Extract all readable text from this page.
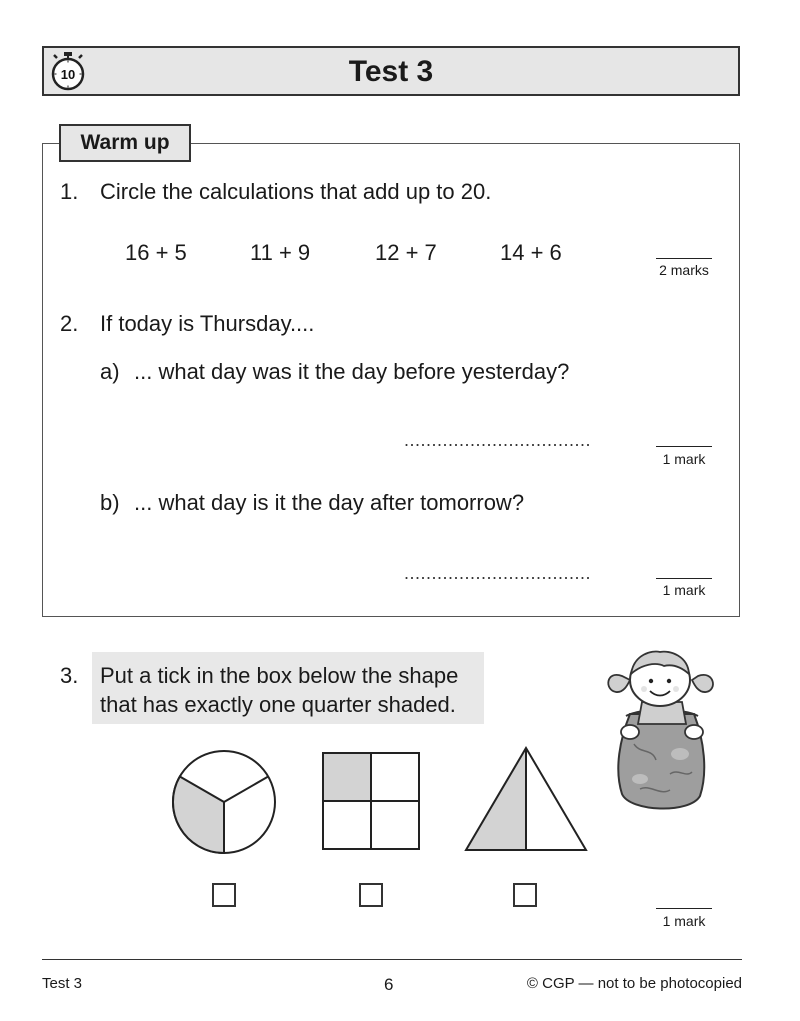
10	Test 3
Warm up
1. Circle the calculations that add up to 20.
16 + 5	11 + 9	12 + 7	14 + 6
2 marks
2. If today is Thursday....
a) ... what day was it the day before yesterday?
..................................
1 mark
b) ... what day is it the day after tomorrow?
..................................
1 mark
3. Put a tick in the box below the shape
that has exactly one quarter shaded.
1 mark
Test 3	6	© CGP — not to be photocopied
